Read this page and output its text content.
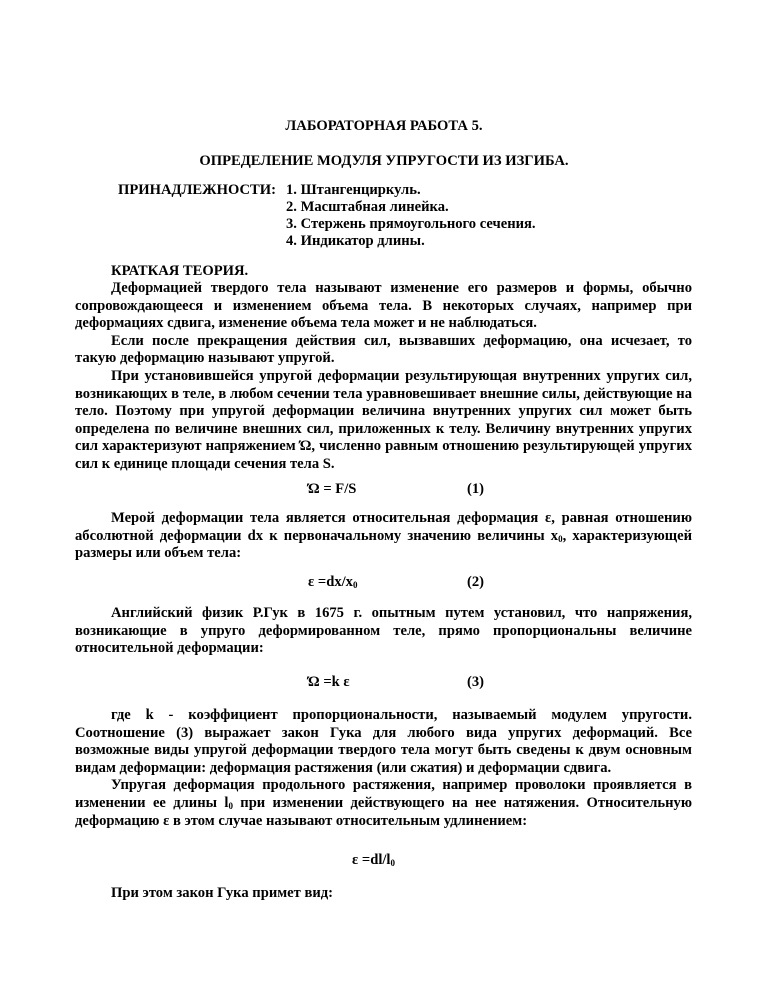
ЛАБОРАТОРНАЯ РАБОТА 5.
ОПРЕДЕЛЕНИЕ МОДУЛЯ УПРУГОСТИ ИЗ ИЗГИБА.
ПРИНАДЛЕЖНОСТИ: 1. Штангенциркуль.
2. Масштабная линейка.
3. Стержень прямоугольного сечения.
4. Индикатор длины.
КРАТКАЯ ТЕОРИЯ.

Деформацией твердого тела называют изменение его размеров и формы, обычно сопровождающееся и изменением объема тела. В некоторых случаях, например при деформациях сдвига, изменение объема тела может и не наблюдаться.

Если после прекращения действия сил, вызвавших деформацию, она исчезает, то такую деформацию называют упругой.

При установившейся упругой деформации результирующая внутренних упругих сил, возникающих в теле, в любом сечении тела уравновешивает внешние силы, действующие на тело. Поэтому при упругой деформации величина внутренних упругих сил может быть определена по величине внешних сил, приложенных к телу. Величину внутренних упругих сил характеризуют напряжением Ώ, численно равным отношению результирующей упругих сил к единице площади сечения тела S.

Ώ = F/S	(1)

Мерой деформации тела является относительная деформация ε, равная отношению абсолютной деформации dx к первоначальному значению величины $x_0$, характеризующей размеры или объем тела:

$\varepsilon =dx/x_0$	(2)

Английский физик Р.Гук в 1675 г. опытным путем установил, что напряжения, возникающие в упруго деформированном теле, прямо пропорциональны величине относительной деформации:

Ώ =k ε	(3)

где k - коэффициент пропорциональности, называемый модулем упругости. Соотношение (3) выражает закон Гука для любого вида упругих деформаций. Все возможные виды упругой деформации твердого тела могут быть сведены к двум основным видам деформации: деформация растяжения (или сжатия) и деформации сдвига.

Упругая деформация продольного растяжения, например проволоки проявляется в изменении ее длины $l_0$ при изменении действующего на нее натяжения. Относительную деформацию ε в этом случае называют относительным удлинением:

$\varepsilon =dl/l_0$
При этом закон Гука примет вид:
